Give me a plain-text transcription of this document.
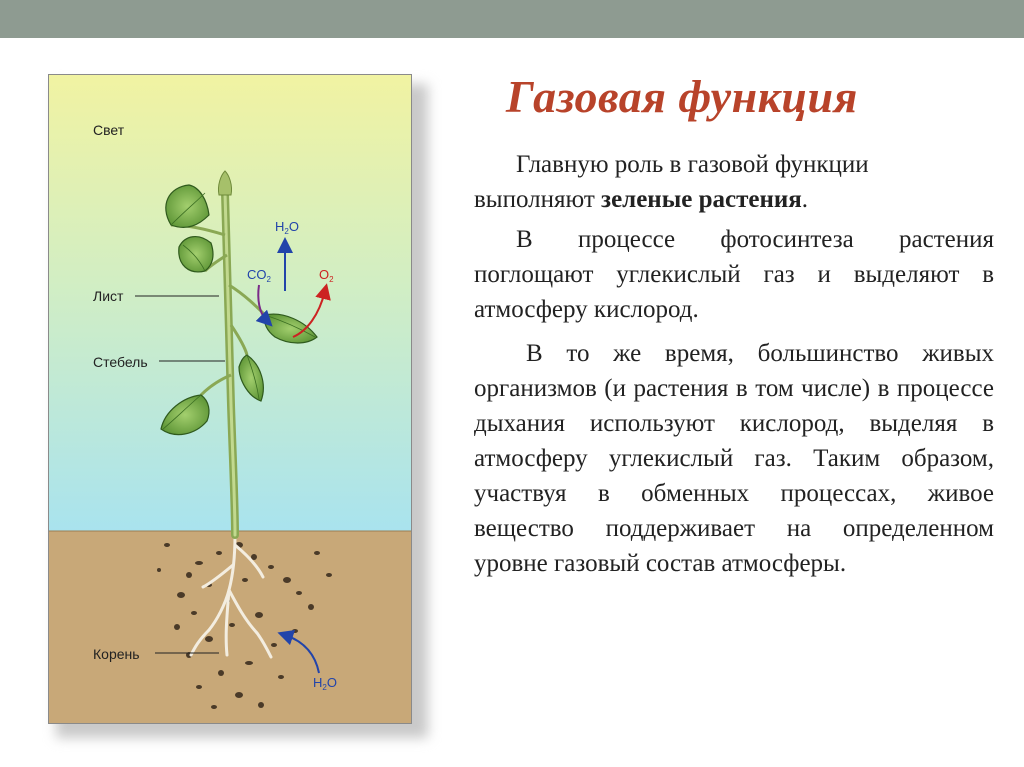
Свет
Лист
Стебель
Корень
H2O
CO2	O2
H2O
Газовая функция
Главную роль в газовой функции
выполняют зеленые растения.
В процессе фотосинтеза растения поглощают углекислый газ и выделяют в атмосферу кислород.
В то же время, большинство живых организмов (и растения в том числе) в процессе дыхания используют кислород, выделяя в атмосферу углекислый газ. Таким образом, участвуя в обменных процессах, живое вещество поддерживает на определенном уровне газовый состав атмосферы.
